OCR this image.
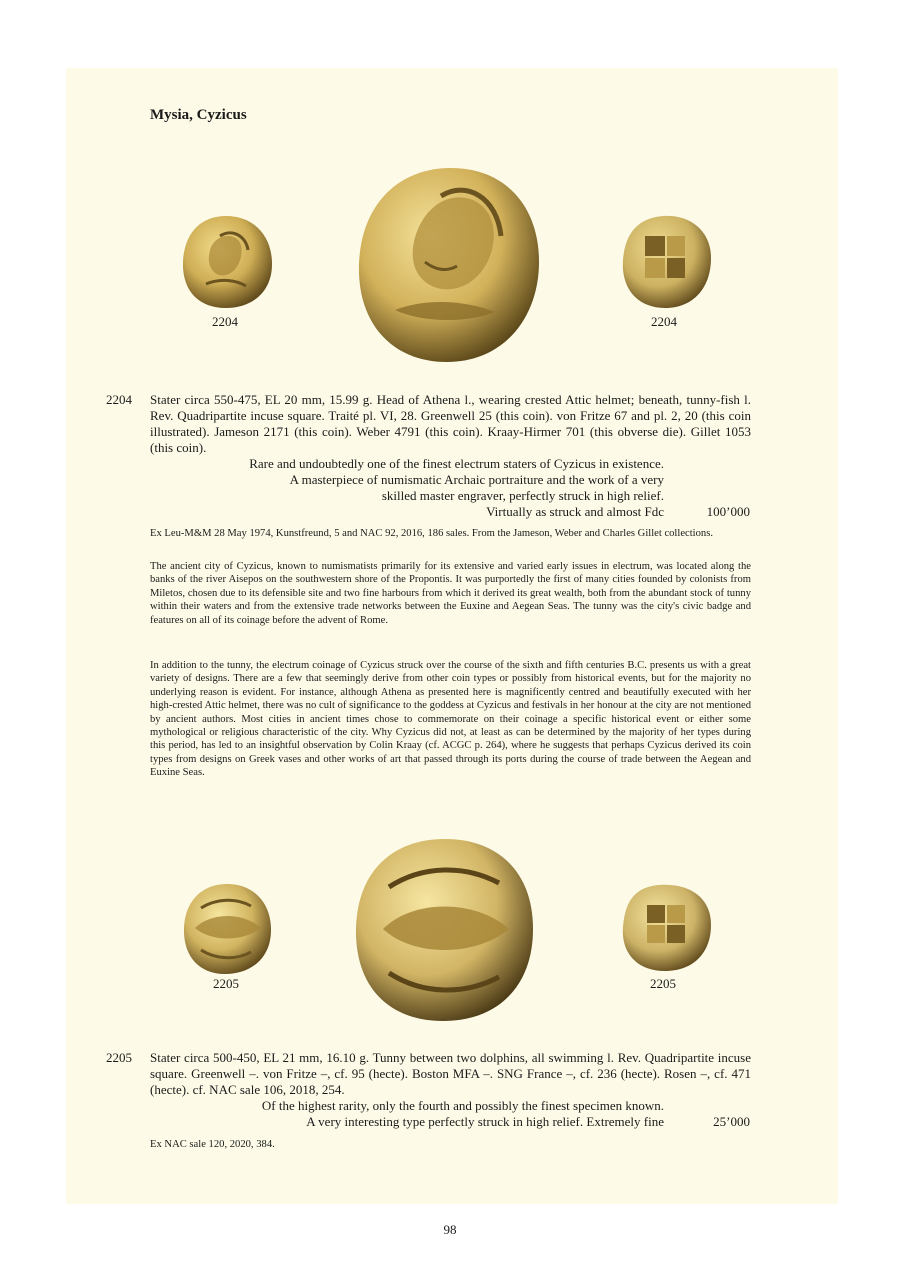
Mysia, Cyzicus
2204	2204
2204 Stater circa 550-475, EL 20 mm, 15.99 g. Head of Athena l., wearing crested Attic helmet; beneath, tunny-fish l. Rev. Quadripartite incuse square. Traité pl. VI, 28. Greenwell 25 (this coin). von Fritze 67 and pl. 2, 20 (this coin illustrated). Jameson 2171 (this coin). Weber 4791 (this coin). Kraay-Hirmer 701 (this obverse die). Gillet 1053 (this coin).
Rare and undoubtedly one of the finest electrum staters of Cyzicus in existence.
A masterpiece of numismatic Archaic portraiture and the work of a very
skilled master engraver, perfectly struck in high relief.
Virtually as struck and almost Fdc	100’000
Ex Leu-M&M 28 May 1974, Kunstfreund, 5 and NAC 92, 2016, 186 sales. From the Jameson, Weber and Charles Gillet collections.
The ancient city of Cyzicus, known to numismatists primarily for its extensive and varied early issues in electrum, was located along the banks of the river Aisepos on the southwestern shore of the Propontis. It was purportedly the first of many cities founded by colonists from Miletos, chosen due to its defensible site and two fine harbours from which it derived its great wealth, both from the abundant stock of tunny within their waters and from the extensive trade networks between the Euxine and Aegean Seas. The tunny was the city's civic badge and features on all of its coinage before the advent of Rome.
In addition to the tunny, the electrum coinage of Cyzicus struck over the course of the sixth and fifth centuries B.C. presents us with a great variety of designs. There are a few that seemingly derive from other coin types or possibly from historical events, but for the majority no underlying reason is evident. For instance, although Athena as presented here is magnificently centred and beautifully executed with her high-crested Attic helmet, there was no cult of significance to the goddess at Cyzicus and festivals in her honour at the city are not mentioned by ancient authors. Most cities in ancient times chose to commemorate on their coinage a specific historical event or either some mythological or religious characteristic of the city. Why Cyzicus did not, at least as can be determined by the majority of her types during this period, has led to an insightful observation by Colin Kraay (cf. ACGC p. 264), where he suggests that perhaps Cyzicus derived its coin types from designs on Greek vases and other works of art that passed through its ports during the course of trade between the Aegean and Euxine Seas.
2205	2205
2205 Stater circa 500-450, EL 21 mm, 16.10 g. Tunny between two dolphins, all swimming l. Rev. Quadripartite incuse square. Greenwell –. von Fritze –, cf. 95 (hecte). Boston MFA –. SNG France –, cf. 236 (hecte). Rosen –, cf. 471 (hecte). cf. NAC sale 106, 2018, 254.
Of the highest rarity, only the fourth and possibly the finest specimen known.
A very interesting type perfectly struck in high relief. Extremely fine	25’000
Ex NAC sale 120, 2020, 384.
98
